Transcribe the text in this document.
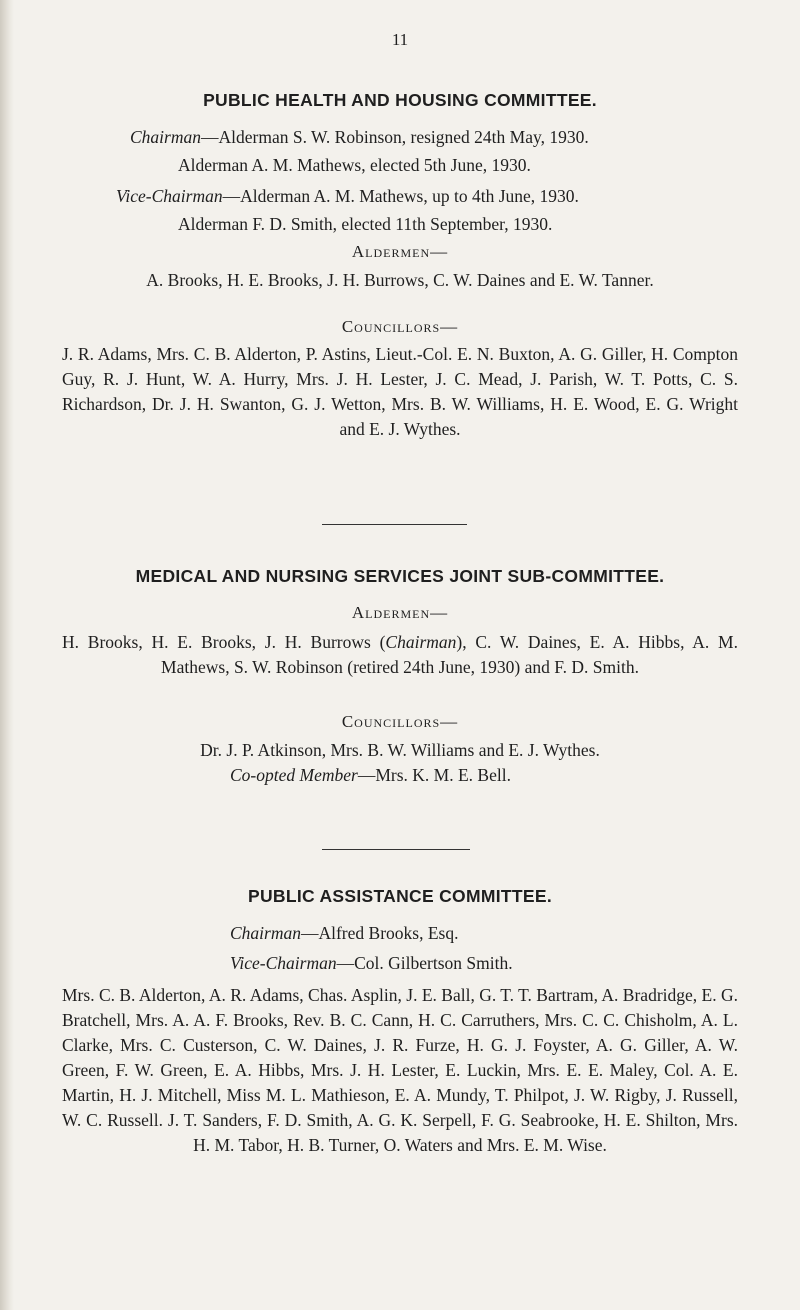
11
PUBLIC HEALTH AND HOUSING COMMITTEE.
Chairman—Alderman S. W. Robinson, resigned 24th May, 1930.
Alderman A. M. Mathews, elected 5th June, 1930.
Vice-Chairman—Alderman A. M. Mathews, up to 4th June, 1930.
Alderman F. D. Smith, elected 11th September, 1930.
Aldermen—
A. Brooks, H. E. Brooks, J. H. Burrows, C. W. Daines and E. W. Tanner.
Councillors—
J. R. Adams, Mrs. C. B. Alderton, P. Astins, Lieut.-Col. E. N. Buxton, A. G. Giller, H. Compton Guy, R. J. Hunt, W. A. Hurry, Mrs. J. H. Lester, J. C. Mead, J. Parish, W. T. Potts, C. S. Richardson, Dr. J. H. Swanton, G. J. Wetton, Mrs. B. W. Williams, H. E. Wood, E. G. Wright and E. J. Wythes.
MEDICAL AND NURSING SERVICES JOINT SUB-COMMITTEE.
Aldermen—
H. Brooks, H. E. Brooks, J. H. Burrows (Chairman), C. W. Daines, E. A. Hibbs, A. M. Mathews, S. W. Robinson (retired 24th June, 1930) and F. D. Smith.
Councillors—
Dr. J. P. Atkinson, Mrs. B. W. Williams and E. J. Wythes.
Co-opted Member—Mrs. K. M. E. Bell.
PUBLIC ASSISTANCE COMMITTEE.
Chairman—Alfred Brooks, Esq.
Vice-Chairman—Col. Gilbertson Smith.
Mrs. C. B. Alderton, A. R. Adams, Chas. Asplin, J. E. Ball, G. T. T. Bartram, A. Bradridge, E. G. Bratchell, Mrs. A. A. F. Brooks, Rev. B. C. Cann, H. C. Carruthers, Mrs. C. C. Chisholm, A. L. Clarke, Mrs. C. Custerson, C. W. Daines, J. R. Furze, H. G. J. Foyster, A. G. Giller, A. W. Green, F. W. Green, E. A. Hibbs, Mrs. J. H. Lester, E. Luckin, Mrs. E. E. Maley, Col. A. E. Martin, H. J. Mitchell, Miss M. L. Mathieson, E. A. Mundy, T. Philpot, J. W. Rigby, J. Russell, W. C. Russell. J. T. Sanders, F. D. Smith, A. G. K. Serpell, F. G. Seabrooke, H. E. Shilton, Mrs. H. M. Tabor, H. B. Turner, O. Waters and Mrs. E. M. Wise.
